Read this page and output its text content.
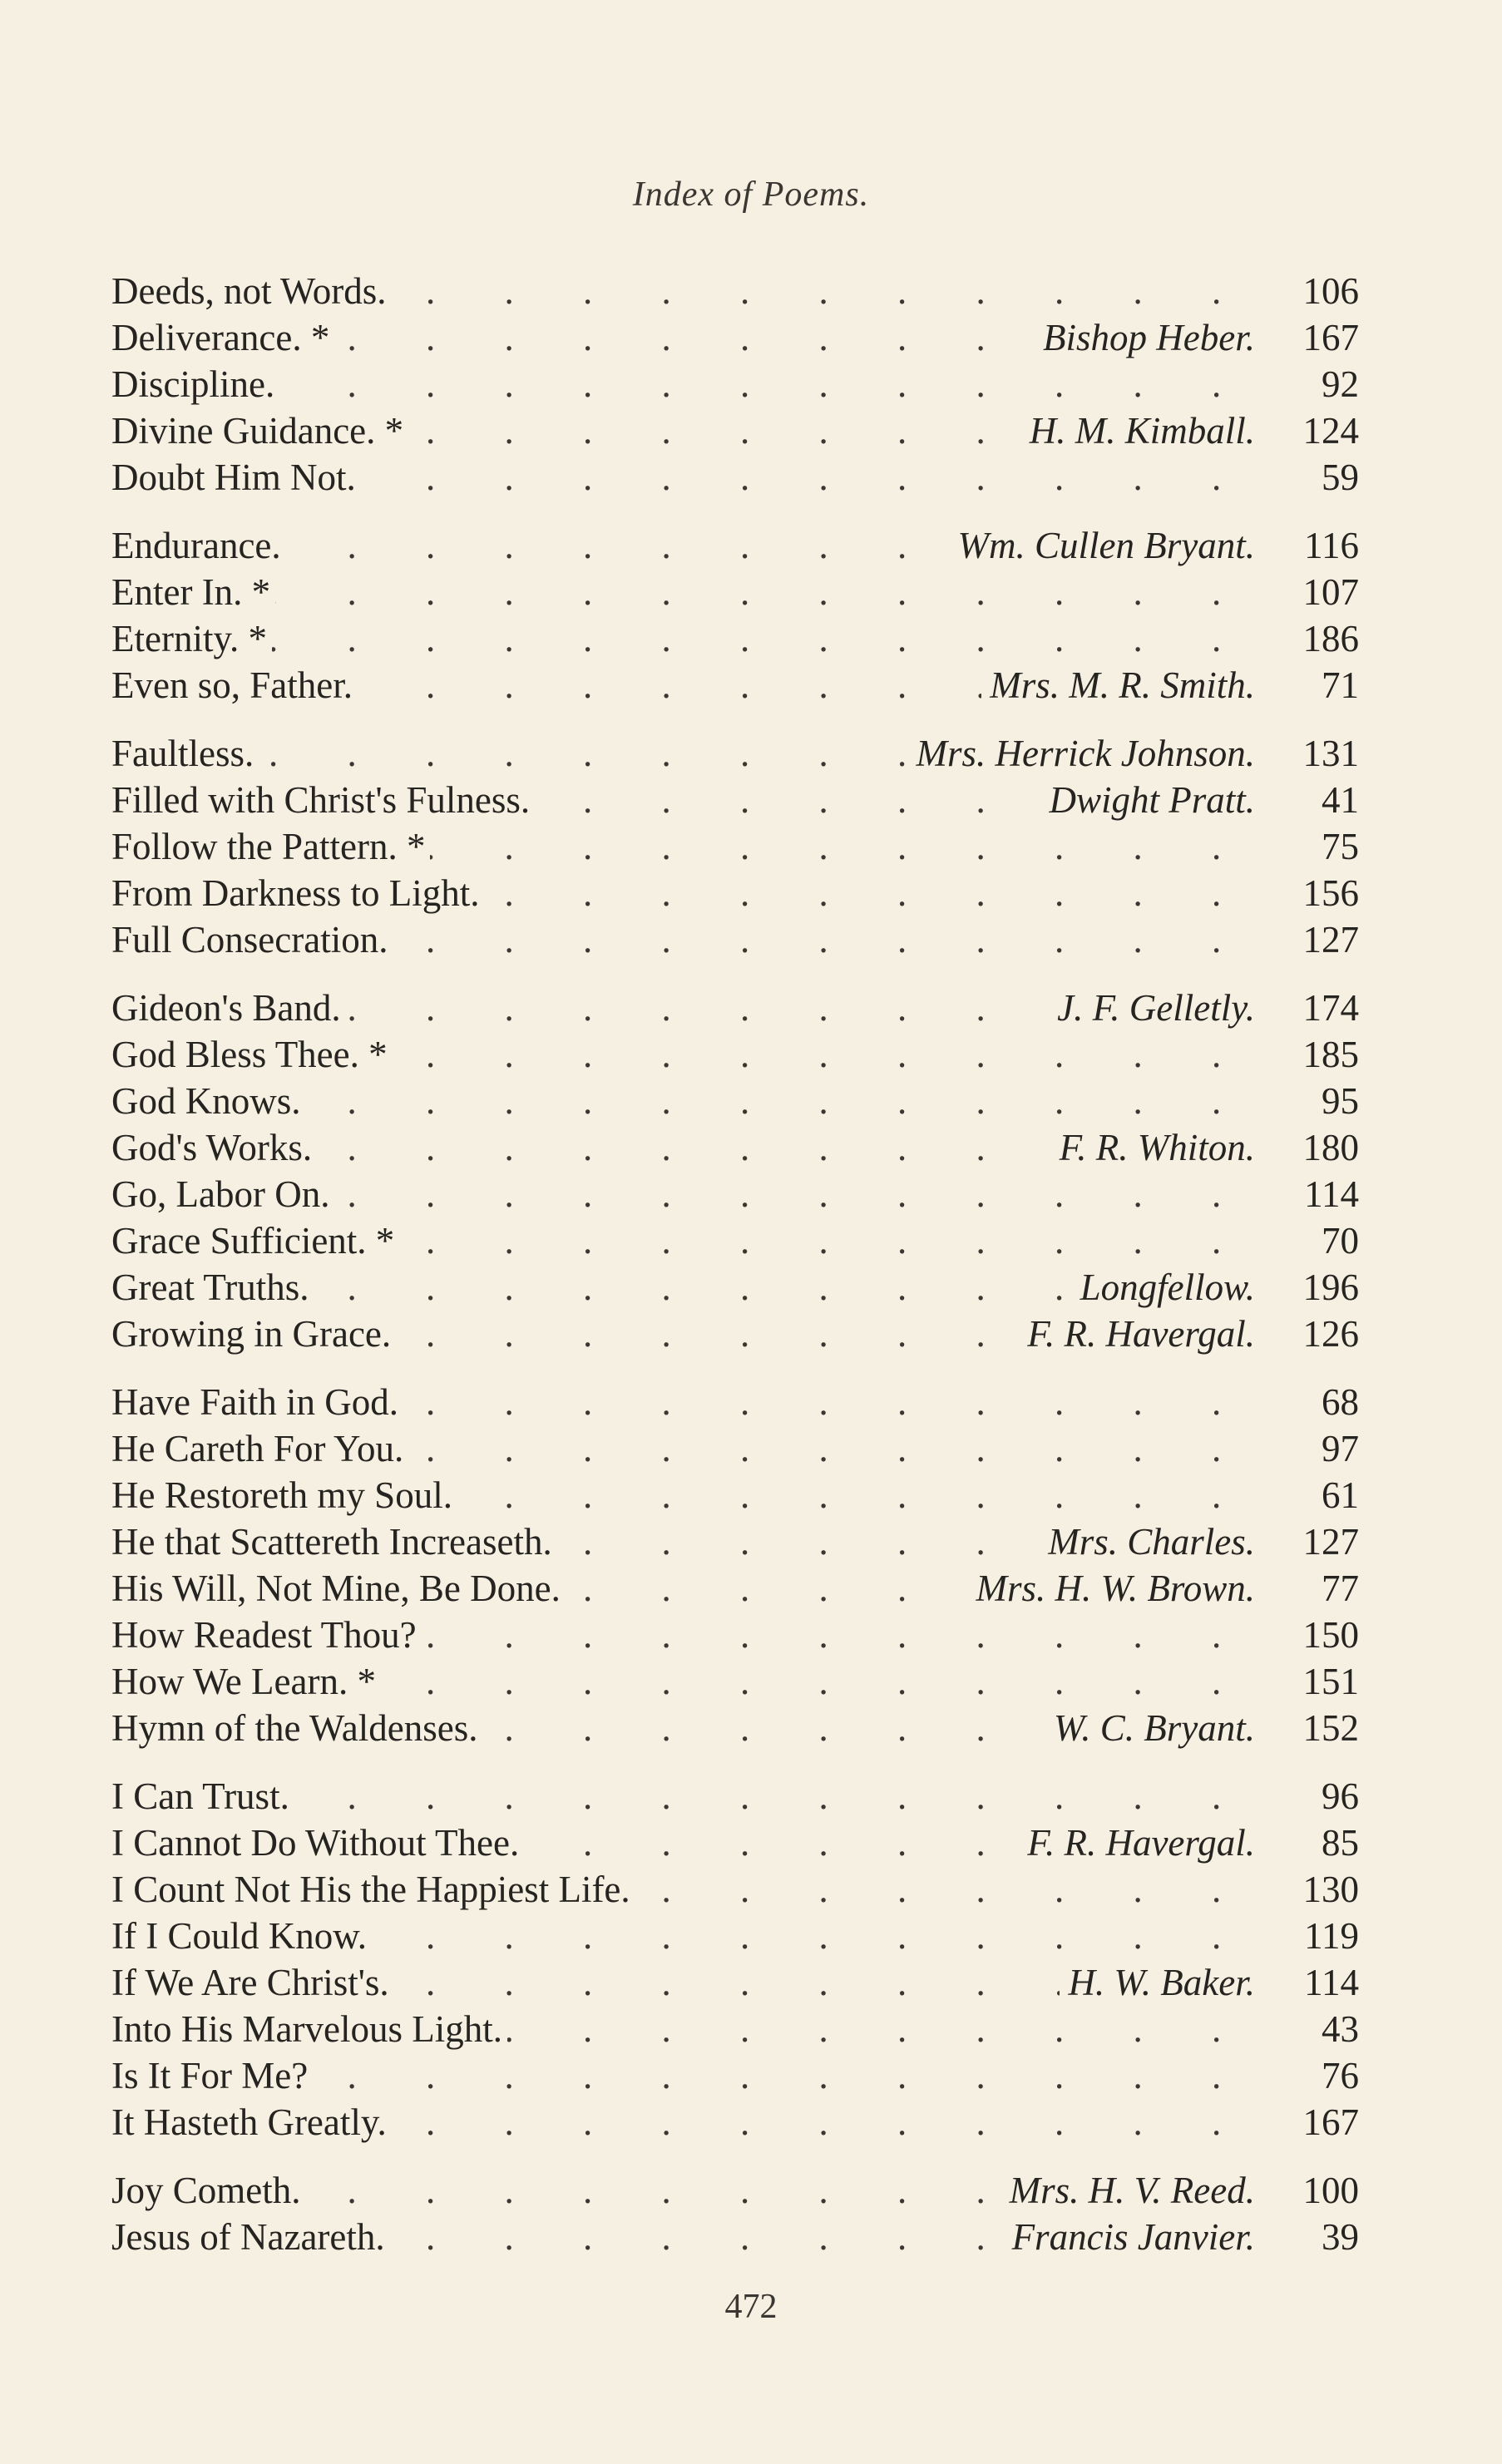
Index of Poems.
. . .
Deeds, not Words.	106
. . .
Deliverance. *	Bishop Heber.	167
. . .
Discipline.	92
. . .
Divine Guidance. *	H. M. Kimball.	124
. . .
Doubt Him Not.	59
. . .
Endurance.	Wm. Cullen Bryant.	116
. . .
Enter In. *	107
. . .
Eternity. *	186
. . .
Even so, Father.	Mrs. M. R. Smith.	71
. . .
Faultless.	Mrs. Herrick Johnson.	131
. . .
Filled with Christ's Fulness.	Dwight Pratt.	41
. . .
Follow the Pattern. *	75
. . .
From Darkness to Light.	156
. . .
Full Consecration.	127
. . .
Gideon's Band.	J. F. Gelletly.	174
. . .
God Bless Thee. *	185
. . .
God Knows.	95
. . .
God's Works.	F. R. Whiton.	180
. . .
Go, Labor On.	114
. . .
Grace Sufficient. *	70
. . .
Great Truths.	Longfellow.	196
. . .
Growing in Grace.	F. R. Havergal.	126
. . .
Have Faith in God.	68
. . .
He Careth For You.	97
. . .
He Restoreth my Soul.	61
. . .
He that Scattereth Increaseth.	Mrs. Charles.	127
. . .
His Will, Not Mine, Be Done.	Mrs. H. W. Brown.	77
. . .
How Readest Thou?	150
. . .
How We Learn. *	151
. . .
Hymn of the Waldenses.	W. C. Bryant.	152
. . .
I Can Trust.	96
. . .
I Cannot Do Without Thee.	F. R. Havergal.	85
. . .
I Count Not His the Happiest Life.	130
. . .
If I Could Know.	119
. . .
If We Are Christ's.	H. W. Baker.	114
. . .
Into His Marvelous Light.	43
. . .
Is It For Me?	76
. . .
It Hasteth Greatly.	167
. . .
Joy Cometh.	Mrs. H. V. Reed.	100
. . .
Jesus of Nazareth.	Francis Janvier.	39
472
